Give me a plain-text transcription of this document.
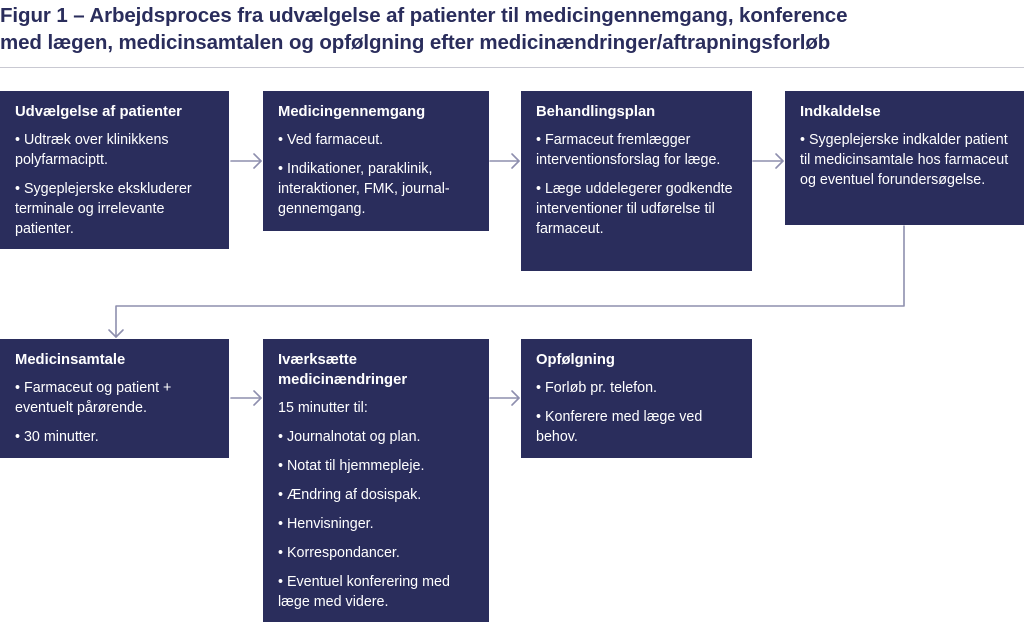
Figur 1 – Arbejdsproces fra udvælgelse af patienter til medicingennemgang, konference
med lægen, medicinsamtalen og opfølgning efter medicinændringer/aftrapningsforløb
Udvælgelse af patienter
• Udtræk over klinikkens polyfarmaciptt.
• Sygeplejerske ekskluderer terminale og irrelevante patienter.
Medicingennemgang
• Ved farmaceut.
• Indikationer, paraklinik, interaktioner, FMK, journal-gennemgang.
Behandlingsplan
• Farmaceut fremlægger interventionsforslag for læge.
• Læge uddelegerer godkendte interventioner til udførelse til farmaceut.
Indkaldelse
• Sygeplejerske indkalder patient til medicinsamtale hos farmaceut og eventuel forundersøgelse.
Medicinsamtale
• Farmaceut og patient + eventuelt pårørende.
• 30 minutter.
Iværksætte medicinændringer
15 minutter til:
• Journalnotat og plan.
• Notat til hjemmepleje.
• Ændring af dosispak.
• Henvisninger.
• Korrespondancer.
• Eventuel konferering med læge med videre.
Opfølgning
• Forløb pr. telefon.
• Konferere med læge ved behov.
